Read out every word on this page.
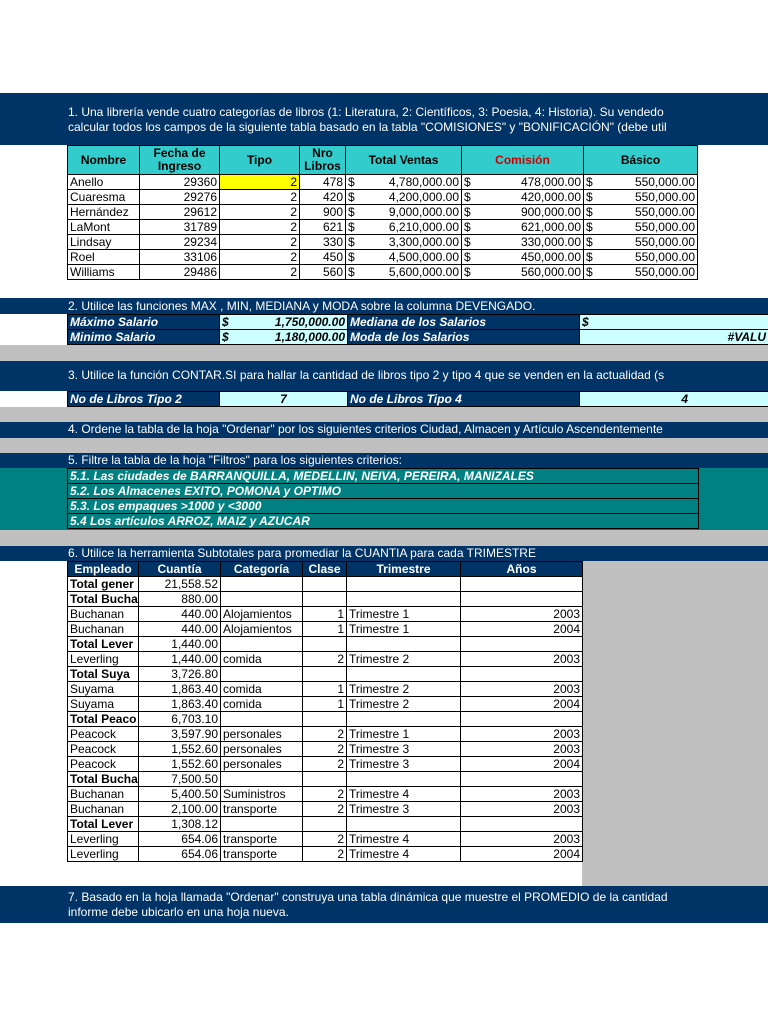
1. Una librería vende cuatro categorías de libros (1: Literatura, 2: Científicos, 3: Poesia, 4: Historia). Su vendedo
calcular todos los campos de la siguiente tabla basado en la tabla "COMISIONES" y "BONIFICACIÓN" (debe util
Nombre	Fecha de Ingreso	Tipo	Nro Libros	Total Ventas	Comisión	Básico
Anello	29360	2	478	$ 4,780,000.00	$ 478,000.00	$ 550,000.00

Cuaresma	29276	2	420	$ 4,200,000.00	$ 420,000.00	$ 550,000.00

Hernández	29612	2	900	$ 9,000,000.00	$ 900,000.00	$ 550,000.00

LaMont	31789	2	621	$ 6,210,000.00	$ 621,000.00	$ 550,000.00

Lindsay	29234	2	330	$ 3,300,000.00	$ 330,000.00	$ 550,000.00

Roel	33106	2	450	$ 4,500,000.00	$ 450,000.00	$ 550,000.00

Williams	29486	2	560	$ 5,600,000.00	$ 560,000.00	$ 550,000.00
2. Utilice las funciones MAX , MIN, MEDIANA y MODA sobre la columna DEVENGADO.
Máximo Salario	$ 1,750,000.00	Mediana de los Salarios	$

Minimo Salario	$ 1,180,000.00	Moda de los Salarios	#VALU
3. Utilice la función CONTAR.SI para hallar la cantidad de libros tipo 2 y tipo 4 que se venden en la actualidad (s
No de Libros Tipo 2	7	No de Libros Tipo 4	4
4. Ordene la tabla de la hoja "Ordenar" por los siguientes criterios Ciudad, Almacen y Artículo Ascendentemente
5. Filtre la tabla de la hoja "Filtros" para los siguientes criterios:
5.1. Las ciudades de BARRANQUILLA, MEDELLIN, NEIVA, PEREIRA, MANIZALES
5.2. Los Almacenes EXITO, POMONA y OPTIMO
5.3. Los empaques >1000 y <3000
5.4 Los artículos ARROZ, MAIZ y AZUCAR
6. Utilice la herramienta Subtotales para promediar la CUANTIA para cada TRIMESTRE
Empleado	Cuantía	Categoría	Clase	Trimestre	Años
Total gener	21,558.52				
Total Bucha	880.00				
Buchanan	440.00	Alojamientos	1	Trimestre 1	2003
Buchanan	440.00	Alojamientos	1	Trimestre 1	2004
Total Lever	1,440.00				
Leverling	1,440.00	comida	2	Trimestre 2	2003
Total Suya	3,726.80				
Suyama	1,863.40	comida	1	Trimestre 2	2003
Suyama	1,863.40	comida	1	Trimestre 2	2004
Total Peaco	6,703.10				
Peacock	3,597.90	personales	2	Trimestre 1	2003
Peacock	1,552.60	personales	2	Trimestre 3	2003
Peacock	1,552.60	personales	2	Trimestre 3	2004
Total Bucha	7,500.50				
Buchanan	5,400.50	Suministros	2	Trimestre 4	2003
Buchanan	2,100.00	transporte	2	Trimestre 3	2003
Total Lever	1,308.12				
Leverling	654.06	transporte	2	Trimestre 4	2003
Leverling	654.06	transporte	2	Trimestre 4	2004
7. Basado en la hoja llamada "Ordenar" construya una tabla dinámica que muestre el PROMEDIO de la cantidad
informe debe ubicarlo en una hoja nueva.
